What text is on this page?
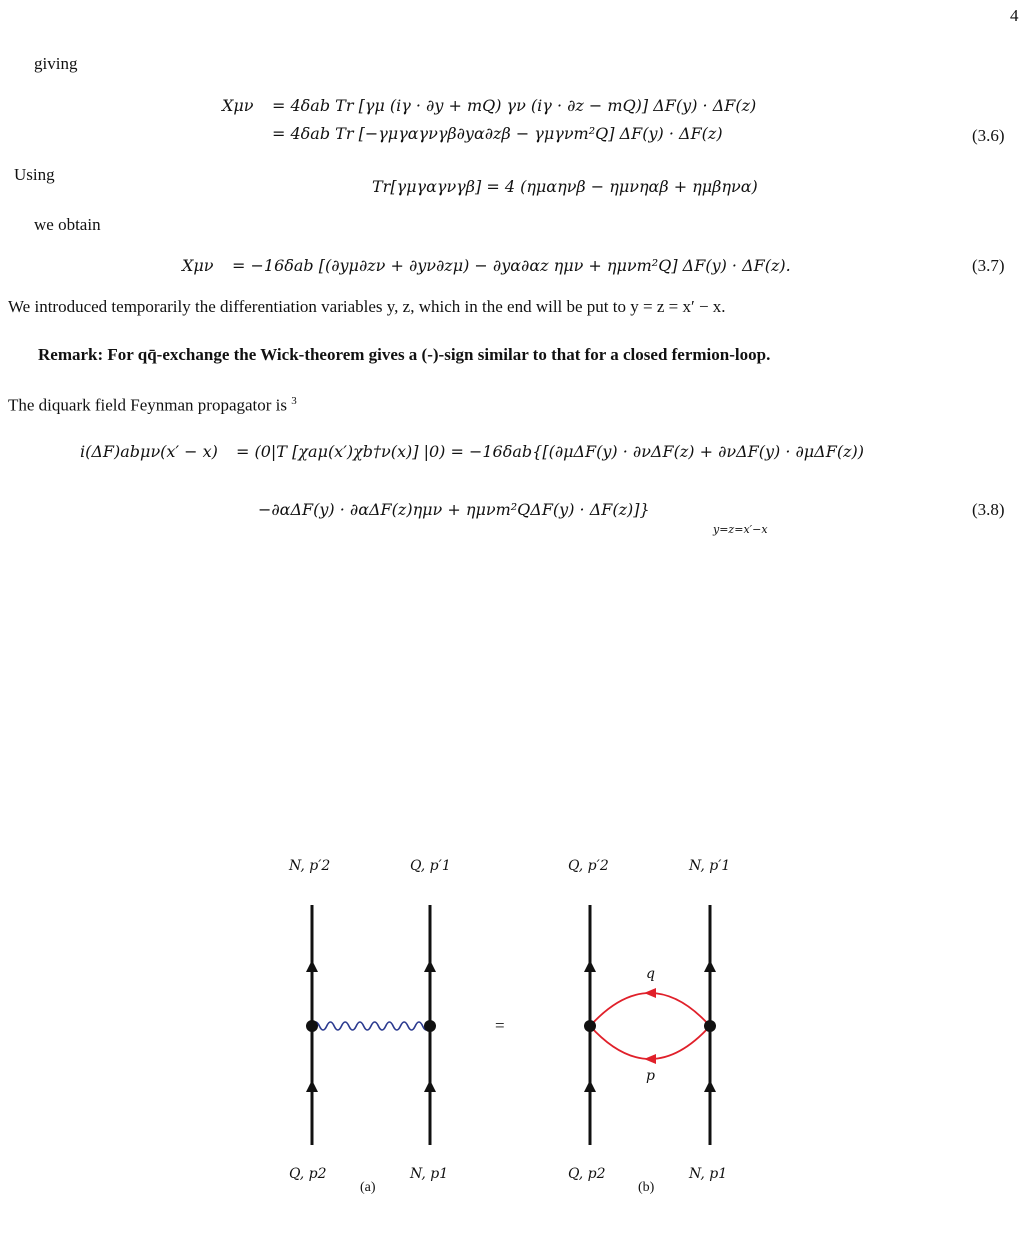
4
giving
Xμν = 4δab Tr [γμ (iγ · ∂y + mQ) γν (iγ · ∂z − mQ)] ΔF(y) · ΔF(z)
= 4δab Tr [−γμγαγνγβ∂yα∂zβ − γμγνm²Q] ΔF(y) · ΔF(z)	(3.6)
Using
Tr[γμγαγνγβ] = 4 (ημαηνβ − ημνηαβ + ημβηνα)
we obtain
Xμν = −16δab [(∂yμ∂zν + ∂yν∂zμ) − ∂yα∂αz ημν + ημνm²Q] ΔF(y) · ΔF(z).	(3.7)
We introduced temporarily the differentiation variables y, z, which in the end will be put to y = z = x′ − x.
Remark: For qq̄-exchange the Wick-theorem gives a (-)-sign similar to that for a closed fermion-loop.
The diquark field Feynman propagator is $^3$
i(ΔF)abμν(x′ − x) = (0|T [χaμ(x′)χb†ν(x)] |0) = −16δab{[(∂μΔF(y) · ∂νΔF(z) + ∂νΔF(y) · ∂μΔF(z))
−∂αΔF(y) · ∂αΔF(z)ημν + ημνm²QΔF(y) · ΔF(z)]}
y=z=x′−x
(3.8)
N, p′2	Q, p′1
Q, p2	N, p1
(a)
=
Q, p′2	N, p′1
q
p
Q, p2	N, p1
(b)
